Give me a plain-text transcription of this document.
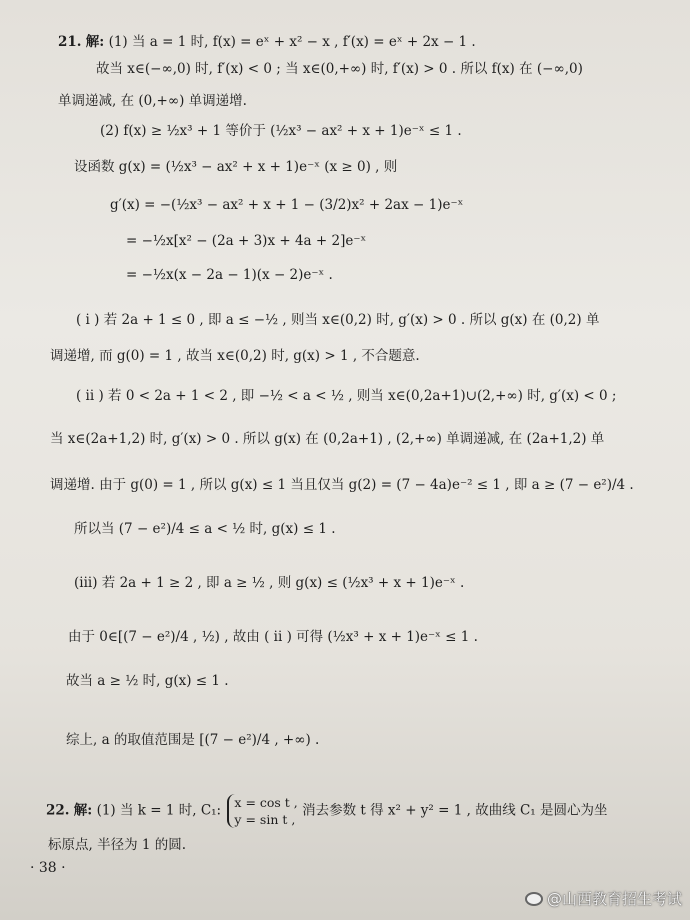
21. 解: (1) 当 a = 1 时, f(x) = eˣ + x² − x , f′(x) = eˣ + 2x − 1 .
故当 x∈(−∞,0) 时, f′(x) < 0 ; 当 x∈(0,+∞) 时, f′(x) > 0 . 所以 f(x) 在 (−∞,0)
单调递减, 在 (0,+∞) 单调递增.
(2) f(x) ≥ ½x³ + 1 等价于 (½x³ − ax² + x + 1)e⁻ˣ ≤ 1 .
设函数 g(x) = (½x³ − ax² + x + 1)e⁻ˣ (x ≥ 0) , 则
g′(x) = −(½x³ − ax² + x + 1 − (3/2)x² + 2ax − 1)e⁻ˣ
= −½x[x² − (2a + 3)x + 4a + 2]e⁻ˣ
= −½x(x − 2a − 1)(x − 2)e⁻ˣ .
( i ) 若 2a + 1 ≤ 0 , 即 a ≤ −½ , 则当 x∈(0,2) 时, g′(x) > 0 . 所以 g(x) 在 (0,2) 单
调递增, 而 g(0) = 1 , 故当 x∈(0,2) 时, g(x) > 1 , 不合题意.
( ii ) 若 0 < 2a + 1 < 2 , 即 −½ < a < ½ , 则当 x∈(0,2a+1)∪(2,+∞) 时, g′(x) < 0 ;
当 x∈(2a+1,2) 时, g′(x) > 0 . 所以 g(x) 在 (0,2a+1) , (2,+∞) 单调递减, 在 (2a+1,2) 单
调递增. 由于 g(0) = 1 , 所以 g(x) ≤ 1 当且仅当 g(2) = (7 − 4a)e⁻² ≤ 1 , 即 a ≥ (7 − e²)/4 .
所以当 (7 − e²)/4 ≤ a < ½ 时, g(x) ≤ 1 .
(iii) 若 2a + 1 ≥ 2 , 即 a ≥ ½ , 则 g(x) ≤ (½x³ + x + 1)e⁻ˣ .
由于 0∈[(7 − e²)/4 , ½) , 故由 ( ii ) 可得 (½x³ + x + 1)e⁻ˣ ≤ 1 .
故当 a ≥ ½ 时, g(x) ≤ 1 .
综上, a 的取值范围是 [(7 − e²)/4 , +∞) .
22. 解: (1) 当 k = 1 时, C₁: x = cos t ,
y = sin t ,
消去参数 t 得 x² + y² = 1 , 故曲线 C₁ 是圆心为坐
标原点, 半径为 1 的圆.
· 38 ·
@山西教育招生考试
